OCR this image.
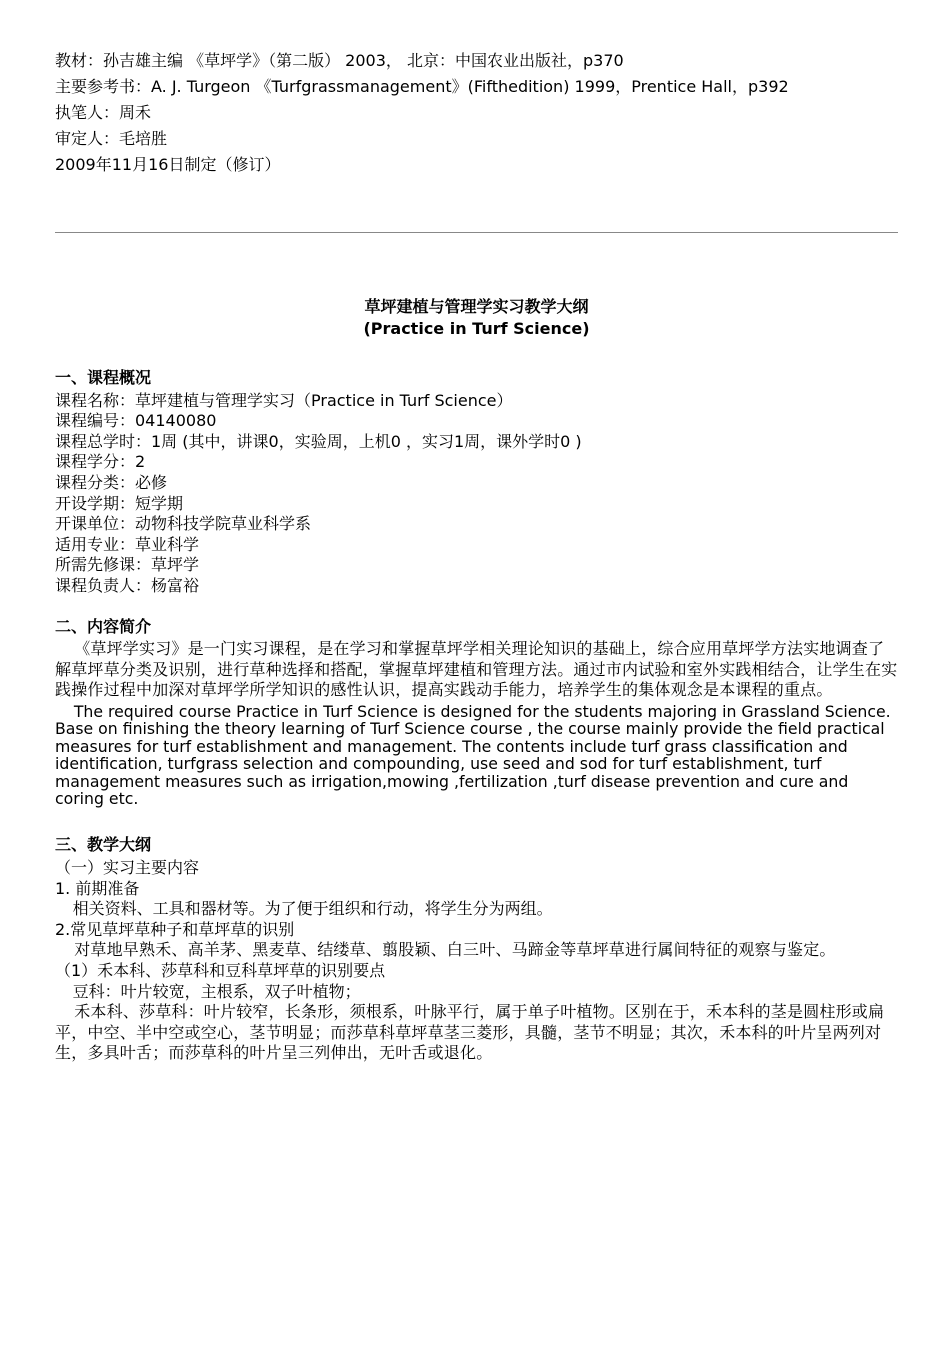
教材：孙吉雄主编 《草坪学》（第二版） 2003， 北京：中国农业出版社，p370
主要参考书：A. J. Turgeon 《Turfgrassmanagement》(Fifthedition) 1999，Prentice Hall，p392
执笔人：周禾
审定人：毛培胜
2009年11月16日制定（修订）
草坪建植与管理学实习教学大纲
(Practice in Turf Science)
一、课程概况
课程名称：草坪建植与管理学实习（Practice in Turf Science）
课程编号：04140080
课程总学时：1周 (其中，讲课0，实验周，上机0 ，实习1周，课外学时0 )
课程学分：2
课程分类：必修
开设学期：短学期
开课单位：动物科技学院草业科学系
适用专业：草业科学
所需先修课：草坪学
课程负责人：杨富裕
二、内容简介
《草坪学实习》是一门实习课程，是在学习和掌握草坪学相关理论知识的基础上，综合应用草坪学方法实地调查了解草坪草分类及识别，进行草种选择和搭配，掌握草坪建植和管理方法。通过市内试验和室外实践相结合，让学生在实践操作过程中加深对草坪学所学知识的感性认识，提高实践动手能力，培养学生的集体观念是本课程的重点。
The required course Practice in Turf Science is designed for the students majoring in Grassland Science. Base on finishing the theory learning of Turf Science course , the course mainly provide the field practical measures for turf establishment and management. The contents include turf grass classification and identification, turfgrass selection and compounding, use seed and sod for turf establishment, turf management measures such as irrigation,mowing ,fertilization ,turf disease prevention and cure and coring etc.
三、教学大纲
（一）实习主要内容
1. 前期准备
相关资料、工具和器材等。为了便于组织和行动，将学生分为两组。
2.常见草坪草种子和草坪草的识别
对草地早熟禾、高羊茅、黑麦草、结缕草、翦股颖、白三叶、马蹄金等草坪草进行属间特征的观察与鉴定。
（1）禾本科、莎草科和豆科草坪草的识别要点
豆科：叶片较宽，主根系，双子叶植物；
禾本科、莎草科：叶片较窄，长条形，须根系，叶脉平行，属于单子叶植物。区别在于，禾本科的茎是圆柱形或扁平，中空、半中空或空心，茎节明显；而莎草科草坪草茎三菱形，具髓，茎节不明显；其次，禾本科的叶片呈两列对生，多具叶舌；而莎草科的叶片呈三列伸出，无叶舌或退化。
